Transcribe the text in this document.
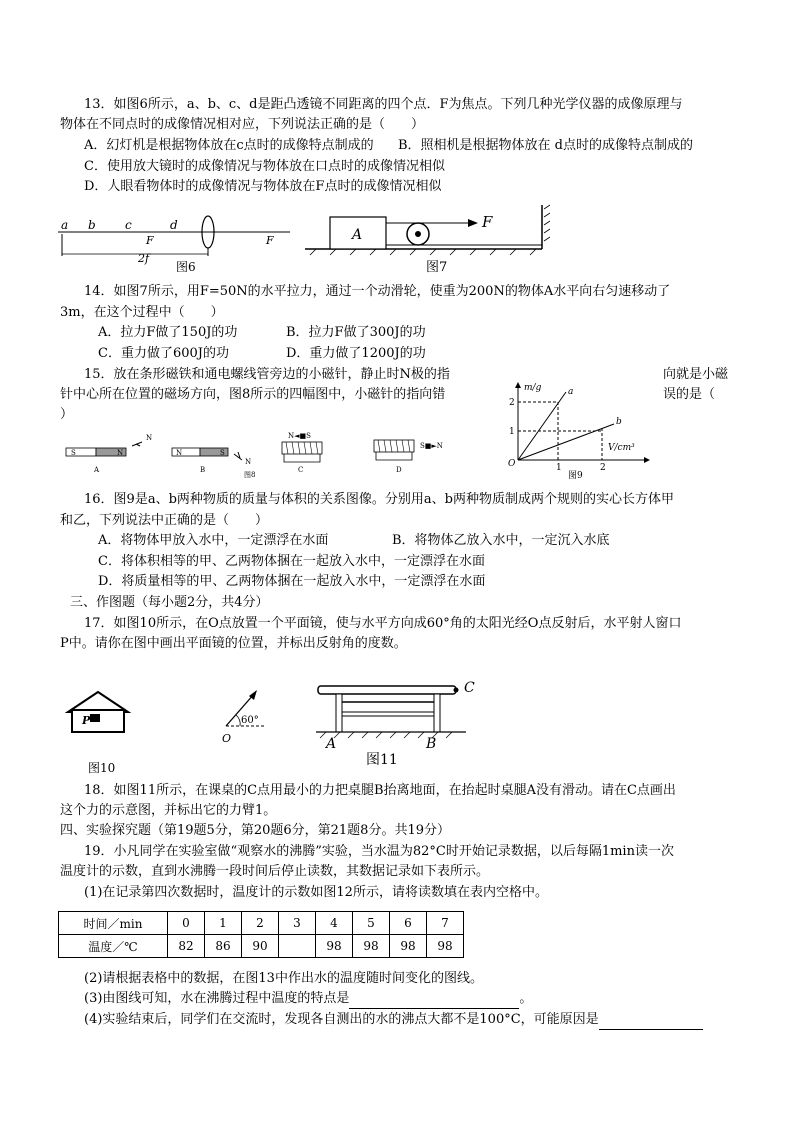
13．如图6所示，a、b、c、d是距凸透镜不同距离的四个点．F为焦点。下列几种光学仪器的成像原理与
物体在不同点时的成像情况相对应，下列说法正确的是（　　）
A．幻灯机是根据物体放在c点时的成像特点制成的 B．照相机是根据物体放在 d点时的成像特点制成的
C．使用放大镜时的成像情况与物体放在口点时的成像情况相似
D．人眼看物体时的成像情况与物体放在F点时的成像情况相似
a b c	d
F	F
2f
图6
A
F
图7
14．如图7所示，用F=50N的水平拉力，通过一个动滑轮，使重为200N的物体A水平向右匀速移动了
3m，在这个过程中（　　）
A．拉力F做了150J的功	B．拉力F做了300J的功
C．重力做了600J的功	D．重力做了1200J的功
15．放在条形磁铁和通电螺线管旁边的小磁针，静止时N极的指	向就是小磁
针中心所在位置的磁场方向，图8所示的四幅图中，小磁针的指向错	误的是（
）
S	N
N
A
N	S
N
B
图8
N◄■S
C
S■►N
D
m/g
V/cm³
a
b
2
1
1	2
O
图9
16．图9是a、b两种物质的质量与体积的关系图像。分别用a、b两种物质制成两个规则的实心长方体甲
和乙，下列说法中正确的是（　　）
A．将物体甲放入水中，一定漂浮在水面	B．将物体乙放入水中，一定沉入水底
C．将体积相等的甲、乙两物体捆在一起放入水中，一定漂浮在水面
D．将质量相等的甲、乙两物体捆在一起放入水中，一定漂浮在水面
三、作图题（每小题2分，共4分）
17．如图10所示，在O点放置一个平面镜，使与水平方向成60°角的太阳光经O点反射后，水平射人窗口
P中。请你在图中画出平面镜的位置，并标出反射角的度数。
P	60°
O
图10
C
A	B
图11
18．如图11所示，在课桌的C点用最小的力把桌腿B抬离地面，在抬起时桌腿A没有滑动。请在C点画出
这个力的示意图，并标出它的力臂1。
四、实验探究题（第19题5分，第20题6分，第21题8分。共19分）
19．小凡同学在实验室做“观察水的沸腾”实验，当水温为82°C时开始记录数据，以后每隔1min读一次
温度计的示数，直到水沸腾一段时间后停止读数，其数据记录如下表所示。
(1)在记录第四次数据时，温度计的示数如图12所示，请将读数填在表内空格中。
时间／min	0	1	2	3	4	5	6	7
温度／℃	82	86	90		98	98	98	98
(2)请根据表格中的数据，在图13中作出水的温度随时间变化的图线。
(3)由图线可知，水在沸腾过程中温度的特点是	。
(4)实验结束后，同学们在交流时，发现各自测出的水的沸点大都不是100°C，可能原因是
